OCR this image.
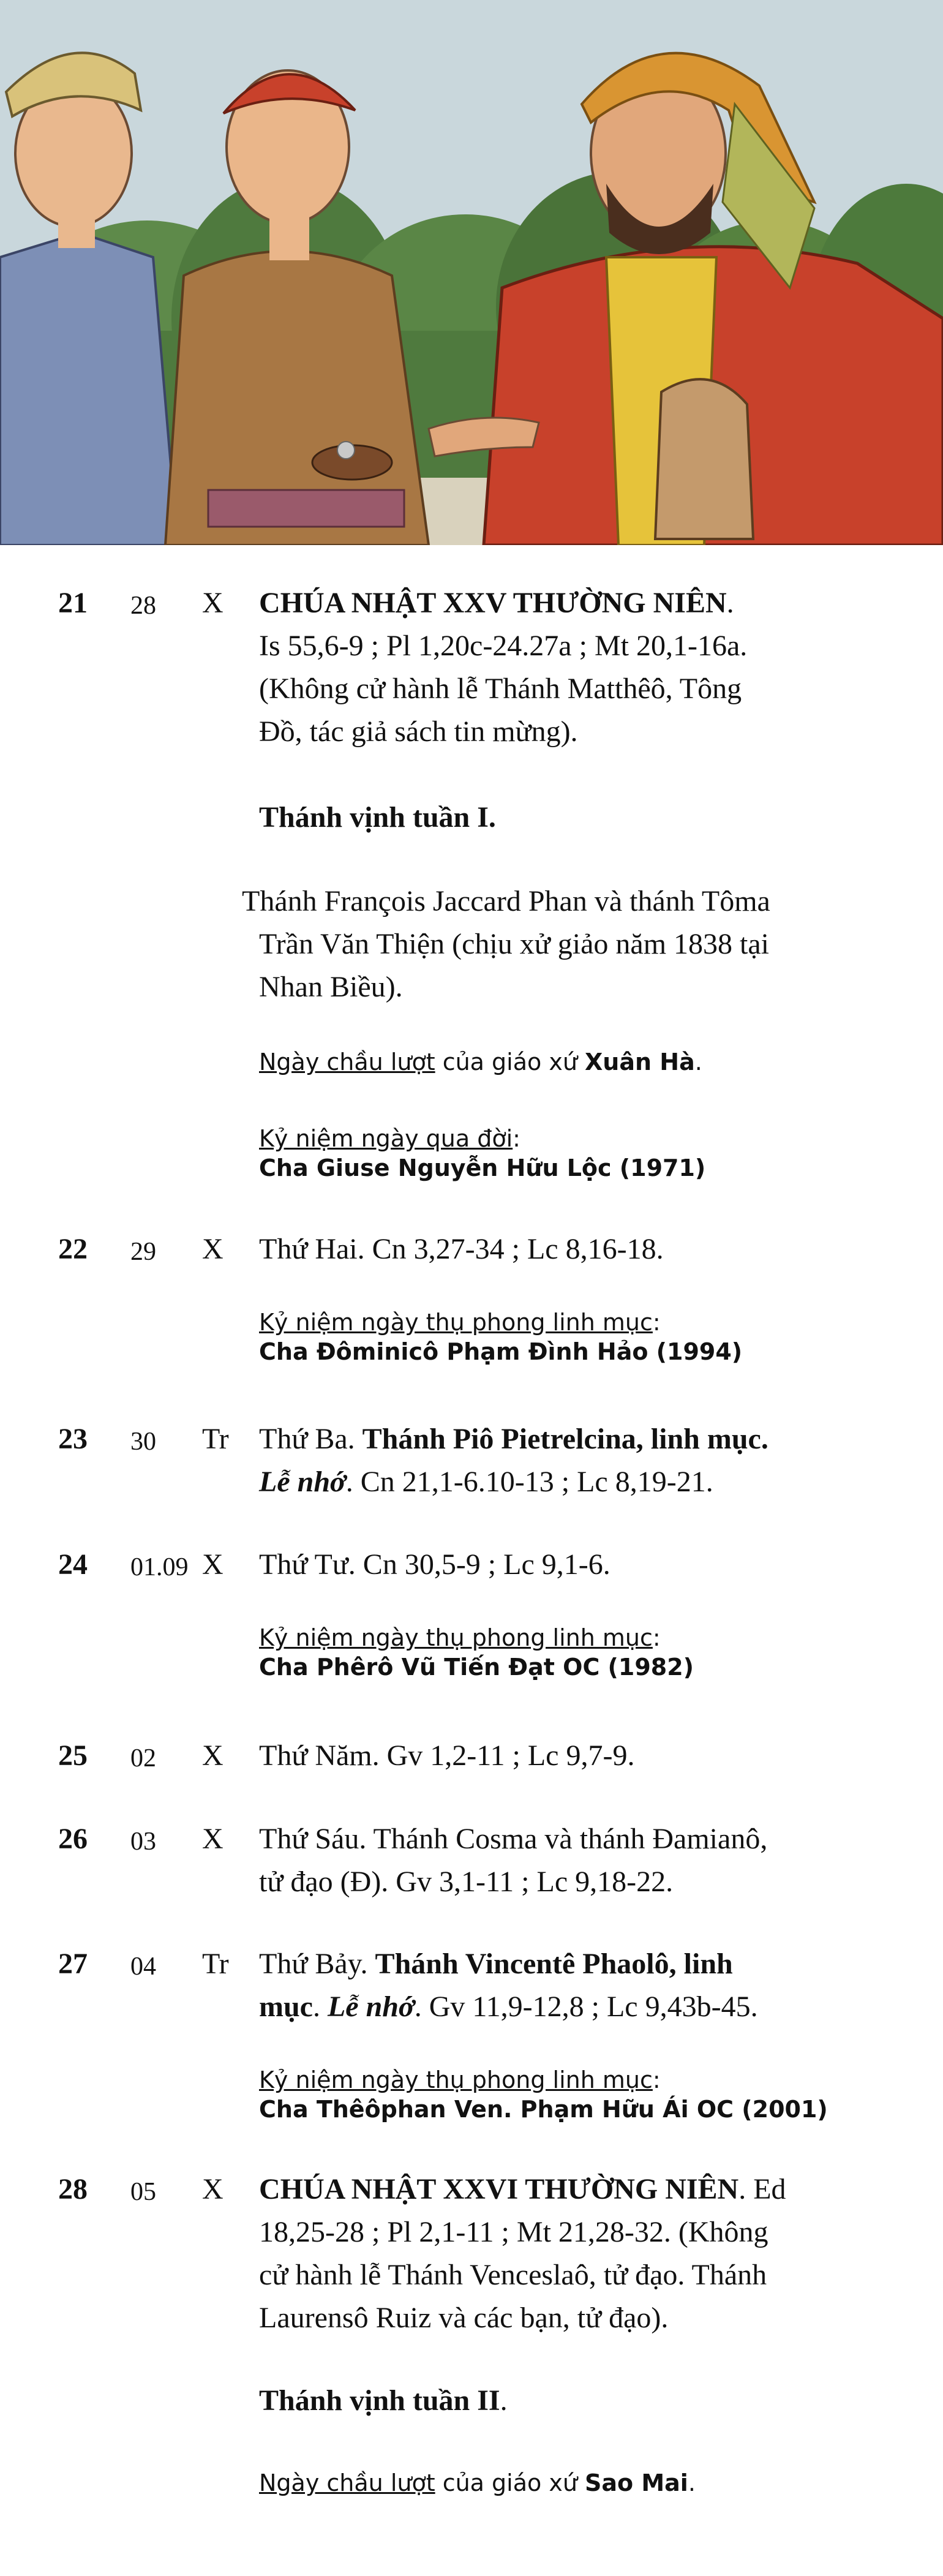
21 28 X CHÚA NHẬT XXV THƯỜNG NIÊN.
Is 55,6-9 ; Pl 1,20c-24.27a ; Mt 20,1-16a.
(Không cử hành lễ Thánh Matthêô, Tông
Đồ, tác giả sách tin mừng).
Thánh vịnh tuần I.
Thánh François Jaccard Phan và thánh Tôma
Trần Văn Thiện (chịu xử giảo năm 1838 tại
Nhan Biều).
Ngày chầu lượt của giáo xứ Xuân Hà.
Kỷ niệm ngày qua đời:
Cha Giuse Nguyễn Hữu Lộc (1971)
22 29 X Thứ Hai. Cn 3,27-34 ; Lc 8,16-18.
Kỷ niệm ngày thụ phong linh mục:
Cha Đôminicô Phạm Đình Hảo (1994)
23 30 Tr Thứ Ba. Thánh Piô Pietrelcina, linh mục.
Lễ nhớ. Cn 21,1-6.10-13 ; Lc 8,19-21.
24 01.09 X Thứ Tư. Cn 30,5-9 ; Lc 9,1-6.
Kỷ niệm ngày thụ phong linh mục:
Cha Phêrô Vũ Tiến Đạt OC (1982)
25 02 X Thứ Năm. Gv 1,2-11 ; Lc 9,7-9.
26 03 X Thứ Sáu. Thánh Cosma và thánh Đamianô,
tử đạo (Đ). Gv 3,1-11 ; Lc 9,18-22.
27 04 Tr Thứ Bảy. Thánh Vincentê Phaolô, linh
mục. Lễ nhớ. Gv 11,9-12,8 ; Lc 9,43b-45.
Kỷ niệm ngày thụ phong linh mục:
Cha Thêôphan Ven. Phạm Hữu Ái OC (2001)
28 05 X CHÚA NHẬT XXVI THƯỜNG NIÊN. Ed
18,25-28 ; Pl 2,1-11 ; Mt 21,28-32. (Không
cử hành lễ Thánh Venceslaô, tử đạo. Thánh
Laurensô Ruiz và các bạn, tử đạo).
Thánh vịnh tuần II.
Ngày chầu lượt của giáo xứ Sao Mai.
